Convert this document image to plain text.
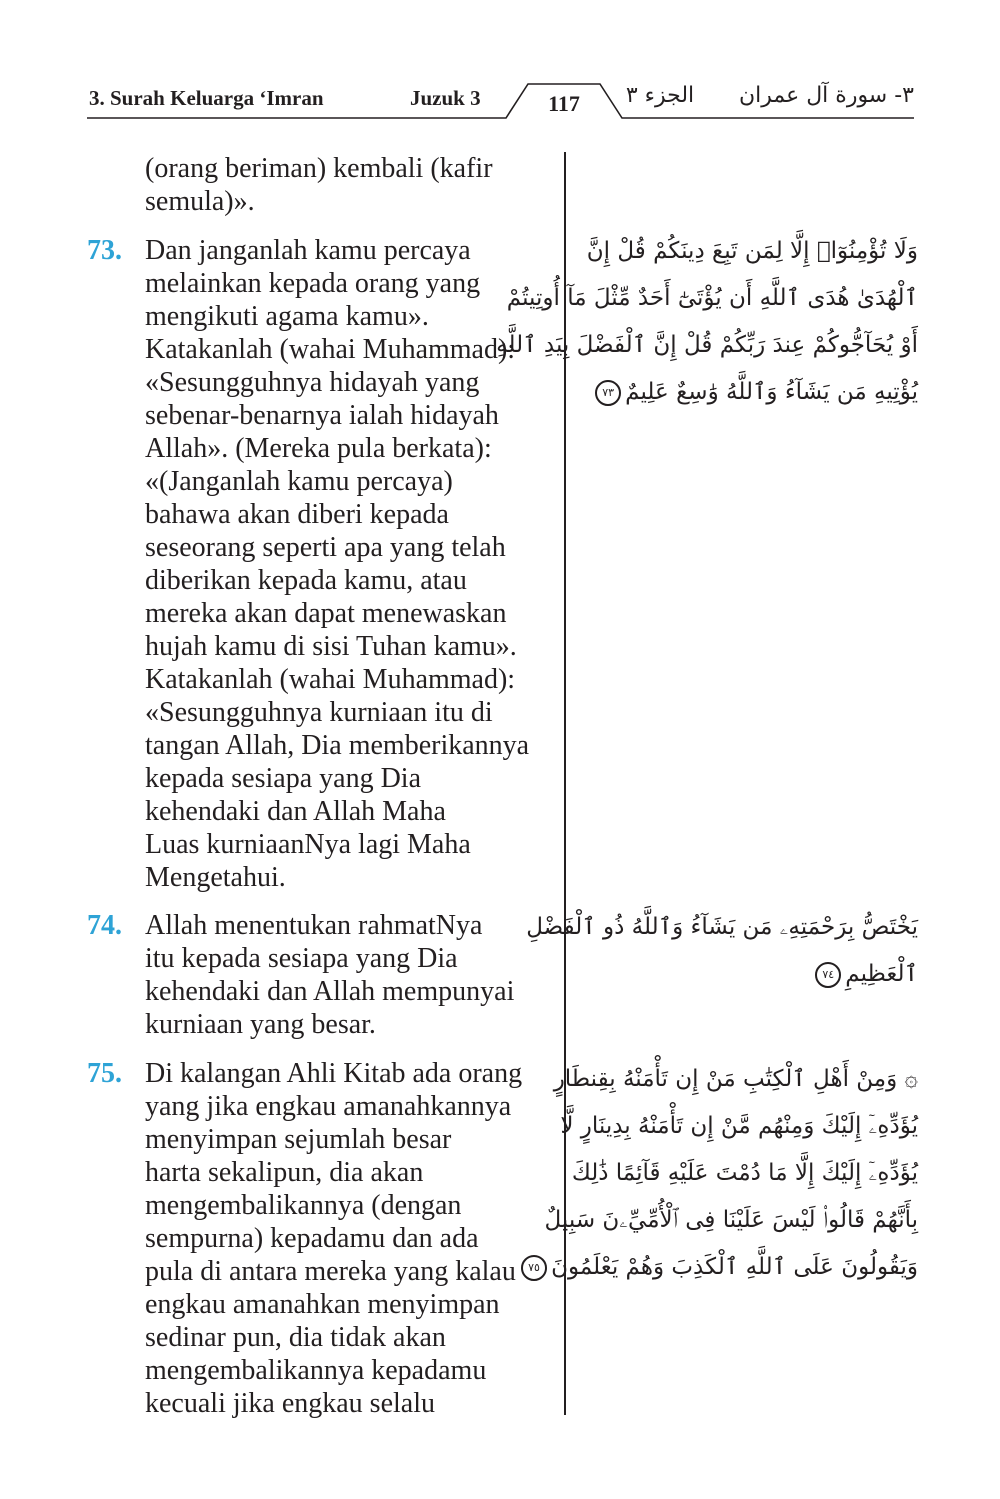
3. Surah Keluarga ‘Imran	Juzuk 3	117	الجزء ٣ ٣- سورة آل عمران
(orang beriman) kembali (kafir
semula)».
73. Dan janganlah kamu percaya
melainkan kepada orang yang
mengikuti agama kamu».
Katakanlah (wahai Muhammad):
«Sesungguhnya hidayah yang
sebenar-benarnya ialah hidayah
Allah». (Mereka pula berkata):
«(Janganlah kamu percaya)
bahawa akan diberi kepada
seseorang seperti apa yang telah
diberikan kepada kamu, atau
mereka akan dapat menewaskan
hujah kamu di sisi Tuhan kamu».
Katakanlah (wahai Muhammad):
«Sesungguhnya kurniaan itu di
tangan Allah, Dia memberikannya
kepada sesiapa yang Dia
kehendaki dan Allah Maha
Luas kurniaanNya lagi Maha
Mengetahui.
وَلَا تُؤْمِنُوٓا۟ إِلَّا لِمَن تَبِعَ دِينَكُمْ قُلْ إِنَّ
ٱلْهُدَىٰ هُدَى ٱللَّهِ أَن يُؤْتَىٰٓ أَحَدٌ مِّثْلَ مَآ أُوتِيتُمْ
أَوْ يُحَآجُّوكُمْ عِندَ رَبِّكُمْ قُلْ إِنَّ ٱلْفَضْلَ بِيَدِ ٱللَّهِ
يُؤْتِيهِ مَن يَشَآءُ وَٱللَّهُ وَٰسِعٌ عَلِيمٌ٧٣
74. Allah menentukan rahmatNya
itu kepada sesiapa yang Dia
kehendaki dan Allah mempunyai
kurniaan yang besar.
يَخْتَصُّ بِرَحْمَتِهِۦ مَن يَشَآءُ وَٱللَّهُ ذُو ٱلْفَضْلِ
ٱلْعَظِيمِ٧٤
75. Di kalangan Ahli Kitab ada orang
yang jika engkau amanahkannya
menyimpan sejumlah besar
harta sekalipun, dia akan
mengembalikannya (dengan
sempurna) kepadamu dan ada
pula di antara mereka yang kalau
engkau amanahkan menyimpan
sedinar pun, dia tidak akan
mengembalikannya kepadamu
kecuali jika engkau selalu
۞ وَمِنْ أَهْلِ ٱلْكِتَٰبِ مَنْ إِن تَأْمَنْهُ بِقِنطَارٍ
يُؤَدِّهِۦٓ إِلَيْكَ وَمِنْهُم مَّنْ إِن تَأْمَنْهُ بِدِينَارٍ لَّا
يُؤَدِّهِۦٓ إِلَيْكَ إِلَّا مَا دُمْتَ عَلَيْهِ قَآئِمًا ذَٰلِكَ
بِأَنَّهُمْ قَالُوا۟ لَيْسَ عَلَيْنَا فِى ٱلْأُمِّيِّۦنَ سَبِيلٌ
وَيَقُولُونَ عَلَى ٱللَّهِ ٱلْكَذِبَ وَهُمْ يَعْلَمُونَ٧٥
